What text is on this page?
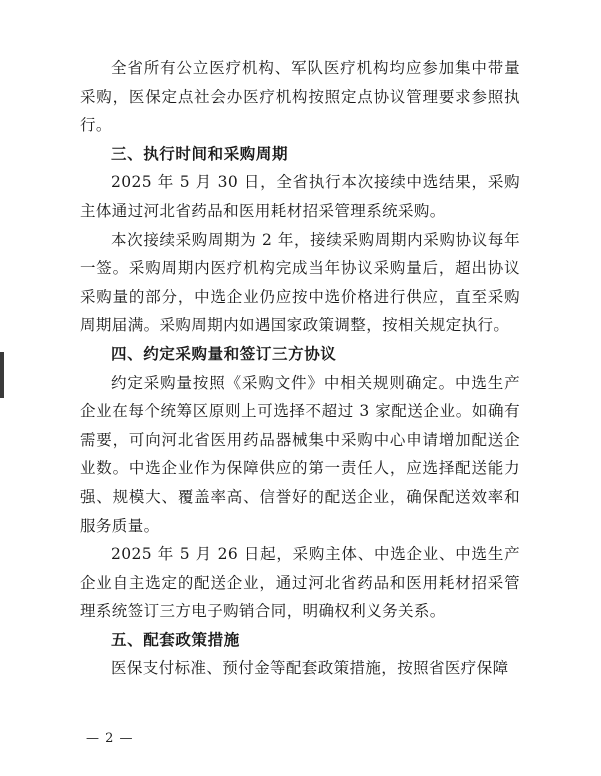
全省所有公立医疗机构、军队医疗机构均应参加集中带量采购，医保定点社会办医疗机构按照定点协议管理要求参照执行。

三、执行时间和采购周期

2025 年 5 月 30 日，全省执行本次接续中选结果，采购主体通过河北省药品和医用耗材招采管理系统采购。

本次接续采购周期为 2 年，接续采购周期内采购协议每年一签。采购周期内医疗机构完成当年协议采购量后，超出协议采购量的部分，中选企业仍应按中选价格进行供应，直至采购周期届满。采购周期内如遇国家政策调整，按相关规定执行。

四、约定采购量和签订三方协议

约定采购量按照《采购文件》中相关规则确定。中选生产企业在每个统筹区原则上可选择不超过 3 家配送企业。如确有需要，可向河北省医用药品器械集中采购中心申请增加配送企业数。中选企业作为保障供应的第一责任人，应选择配送能力强、规模大、覆盖率高、信誉好的配送企业，确保配送效率和服务质量。

2025 年 5 月 26 日起，采购主体、中选企业、中选生产企业自主选定的配送企业，通过河北省药品和医用耗材招采管理系统签订三方电子购销合同，明确权利义务关系。

五、配套政策措施

医保支付标准、预付金等配套政策措施，按照省医疗保障

— 2 —
